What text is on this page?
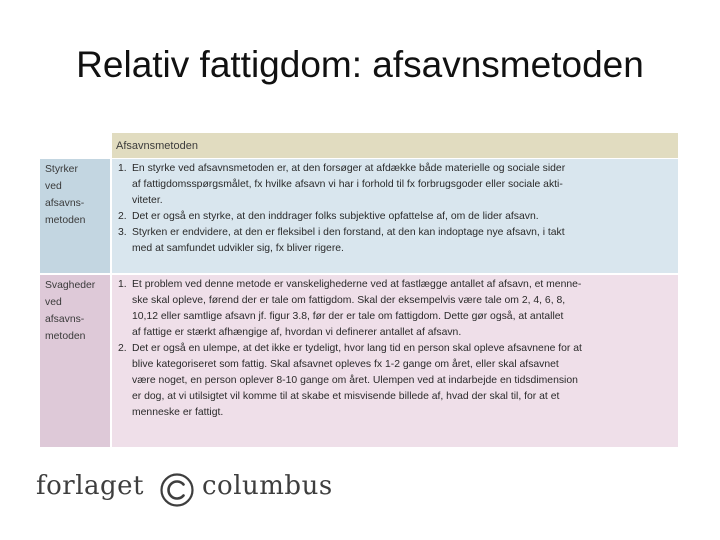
Relativ fattigdom: afsavnsmetoden
Afsavnsmetoden
Styrker
ved
afsavns-
metoden
1. En styrke ved afsavnsmetoden er, at den forsøger at afdække både materielle og sociale sider
af fattigdomsspørgsmålet, fx hvilke afsavn vi har i forhold til fx forbrugsgoder eller sociale akti-
viteter.
2. Det er også en styrke, at den inddrager folks subjektive opfattelse af, om de lider afsavn.
3. Styrken er endvidere, at den er fleksibel i den forstand, at den kan indoptage nye afsavn, i takt
med at samfundet udvikler sig, fx bliver rigere.
Svagheder
ved
afsavns-
metoden
1. Et problem ved denne metode er vanskelighederne ved at fastlægge antallet af afsavn, et menne-
ske skal opleve, førend der er tale om fattigdom. Skal der eksempelvis være tale om 2, 4, 6, 8,
10,12 eller samtlige afsavn jf. figur 3.8, før der er tale om fattigdom. Dette gør også, at antallet
af fattige er stærkt afhængige af, hvordan vi definerer antallet af afsavn.
2. Det er også en ulempe, at det ikke er tydeligt, hvor lang tid en person skal opleve afsavnene for at
blive kategoriseret som fattig. Skal afsavnet opleves fx 1-2 gange om året, eller skal afsavnet
være noget, en person oplever 8-10 gange om året. Ulempen ved at indarbejde en tidsdimension
er dog, at vi utilsigtet vil komme til at skabe et misvisende billede af, hvad der skal til, for at et
menneske er fattigt.
forlaget columbus
